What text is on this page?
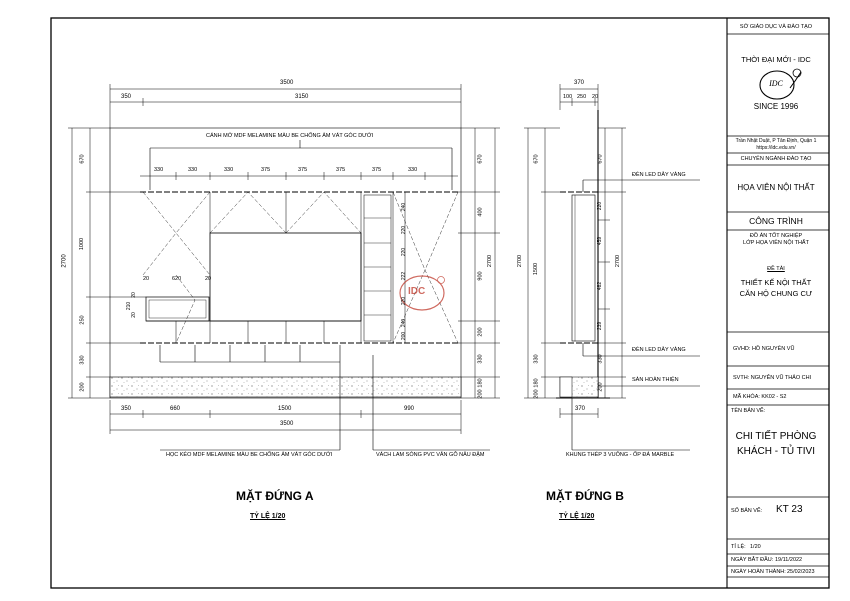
3500
350	3150
CÁNH MỞ MDF MELAMINE MÀU BE CHỐNG ẨM VÁT GÓC DƯỚI
330	330	330	375	375	375	375	330
2700
670
1000
250
330
200
210
20
20
20	620	20
240
220
220
222
220
240
200
2700
670
400
900
200
330
180
200
SÀN HOÀN THIỆN
350	660	1500	990
3500
HỌC KÉO MDF MELAMINE MÀU BE CHỐNG ẨM VÁT GÓC DƯỚI	VÁCH LAM SÓNG PVC VÂN GỖ NÂU ĐẬM
MẶT ĐỨNG A
TỶ LỆ 1/20
370
100 250 20
2700
670
1500
330
180
200
2700
670
220
459
482
239
330
200
ĐÈN LED DÂY VÀNG
ĐÈN LED DÂY VÀNG
370
KHUNG THÉP 3 VUÔNG - ỐP ĐÁ MARBLE
MẶT ĐỨNG B
TỶ LỆ 1/20
IDC
SỞ GIÁO DỤC VÀ ĐÀO TẠO
THỜI ĐẠI MỚI - IDC
IDC
SINCE 1996
Trần Nhật Duật, P Tân Định, Quận 1
https://idc.edu.vn/
CHUYÊN NGÀNH ĐÀO TẠO
HỌA VIÊN NỘI THẤT
CÔNG TRÌNH
ĐỒ ÁN TỐT NGHIỆP
LỚP HỌA VIÊN NỘI THẤT
ĐỀ TÀI
THIẾT KẾ NỘI THẤT
CĂN HỘ CHUNG CƯ
GVHD: HỒ NGUYÊN VŨ
SVTH: NGUYỄN VŨ THẢO CHI
MÃ KHÓA: KK02 - S2
TÊN BẢN VẼ:
CHI TIẾT PHÒNG
KHÁCH - TỦ TIVI
SỐ BẢN VẼ: KT 23
TỈ LỆ: 1/20
NGÀY BẮT ĐẦU: 19/11/2022
NGÀY HOÀN THÀNH: 25/02/2023
